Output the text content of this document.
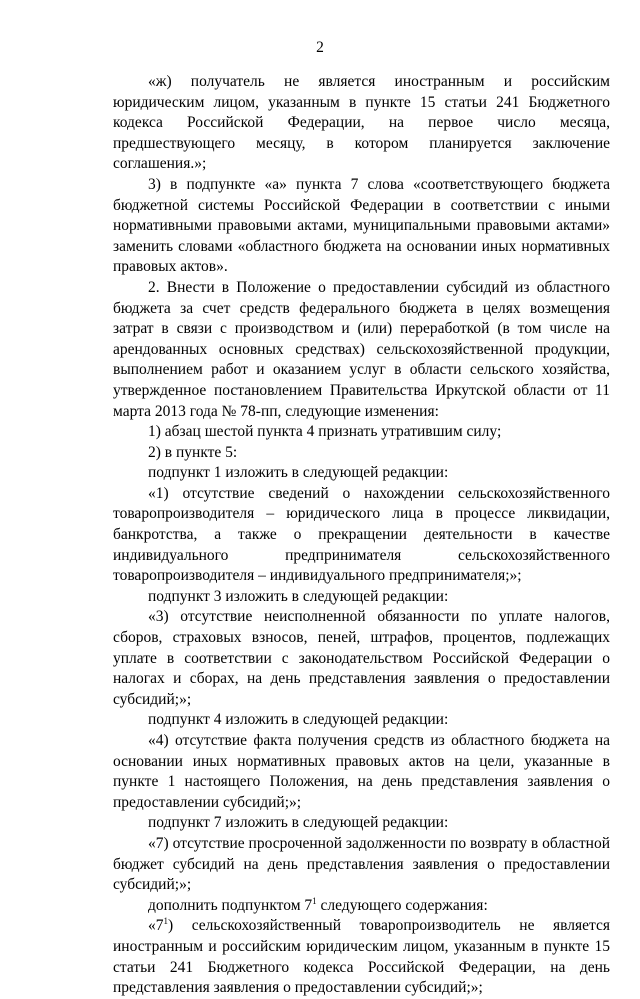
2

«ж) получатель не является иностранным и российским юридическим лицом, указанным в пункте 15 статьи 241 Бюджетного кодекса Российской Федерации, на первое число месяца, предшествующего месяцу, в котором планируется заключение соглашения.»;

3) в подпункте «а» пункта 7 слова «соответствующего бюджета бюджетной системы Российской Федерации в соответствии с иными нормативными правовыми актами, муниципальными правовыми актами» заменить словами «областного бюджета на основании иных нормативных правовых актов».

2. Внести в Положение о предоставлении субсидий из областного бюджета за счет средств федерального бюджета в целях возмещения затрат в связи с производством и (или) переработкой (в том числе на арендованных основных средствах) сельскохозяйственной продукции, выполнением работ и оказанием услуг в области сельского хозяйства, утвержденное постановлением Правительства Иркутской области от 11 марта 2013 года № 78-пп, следующие изменения:

1) абзац шестой пункта 4 признать утратившим силу;

2) в пункте 5:

подпункт 1 изложить в следующей редакции:

«1) отсутствие сведений о нахождении сельскохозяйственного товаропроизводителя – юридического лица в процессе ликвидации, банкротства, а также о прекращении деятельности в качестве индивидуального предпринимателя сельскохозяйственного товаропроизводителя – индивидуального предпринимателя;»;

подпункт 3 изложить в следующей редакции:

«3) отсутствие неисполненной обязанности по уплате налогов, сборов, страховых взносов, пеней, штрафов, процентов, подлежащих уплате в соответствии с законодательством Российской Федерации о налогах и сборах, на день представления заявления о предоставлении субсидий;»;

подпункт 4 изложить в следующей редакции:

«4) отсутствие факта получения средств из областного бюджета на основании иных нормативных правовых актов на цели, указанные в пункте 1 настоящего Положения, на день представления заявления о предоставлении субсидий;»;

подпункт 7 изложить в следующей редакции:

«7) отсутствие просроченной задолженности по возврату в областной бюджет субсидий на день представления заявления о предоставлении субсидий;»;

дополнить подпунктом $7^1$ следующего содержания:

«$7^1$) сельскохозяйственный товаропроизводитель не является иностранным и российским юридическим лицом, указанным в пункте 15 статьи 241 Бюджетного кодекса Российской Федерации, на день представления заявления о предоставлении субсидий;»;
